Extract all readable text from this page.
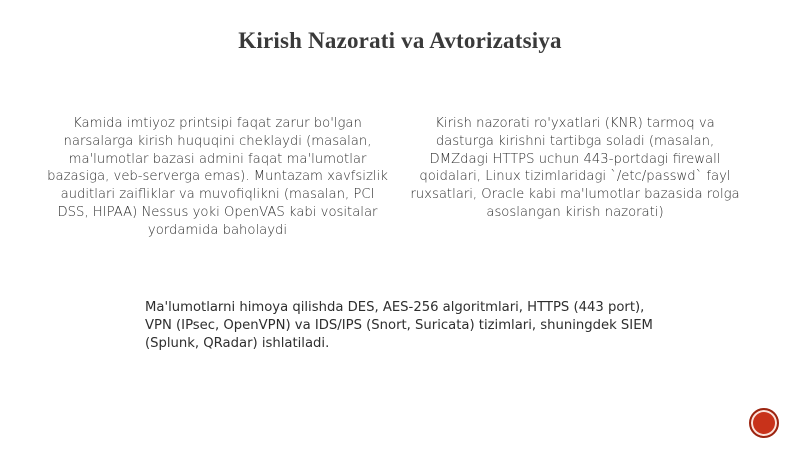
Kirish Nazorati va Avtorizatsiya
Kamida imtiyoz printsipi faqat zarur bo'lgan narsalarga kirish huquqini cheklaydi (masalan, ma'lumotlar bazasi admini faqat ma'lumotlar bazasiga, veb-serverga emas). Muntazam xavfsizlik auditlari zaifliklar va muvofiqlikni (masalan, PCI DSS, HIPAA) Nessus yoki OpenVAS kabi vositalar yordamida baholaydi
Kirish nazorati ro'yxatlari (KNR) tarmoq va dasturga kirishni tartibga soladi (masalan, DMZdagi HTTPS uchun 443-portdagi firewall qoidalari, Linux tizimlaridagi `/etc/passwd` fayl ruxsatlari, Oracle kabi ma'lumotlar bazasida rolga asoslangan kirish nazorati)
Ma'lumotlarni himoya qilishda DES, AES-256 algoritmlari, HTTPS (443 port), VPN (IPsec, OpenVPN) va IDS/IPS (Snort, Suricata) tizimlari, shuningdek SIEM (Splunk, QRadar) ishlatiladi.
